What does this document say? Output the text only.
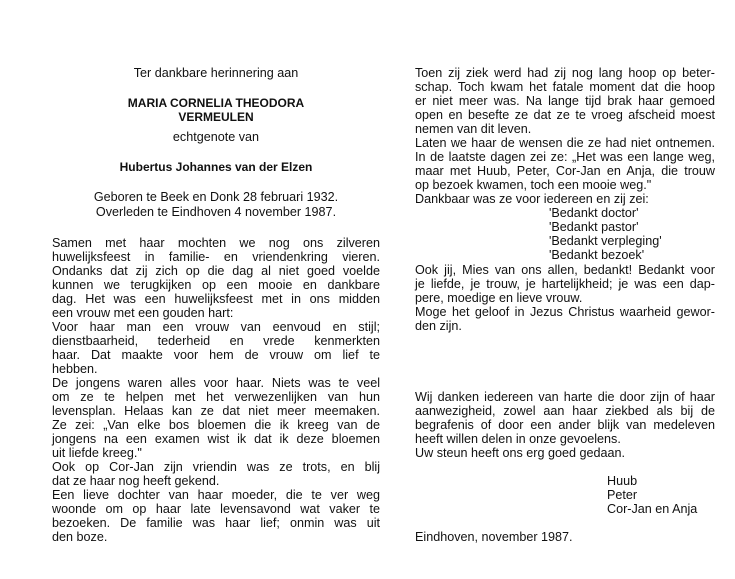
Ter dankbare herinnering aan
MARIA CORNELIA THEODORA
VERMEULEN
echtgenote van
Hubertus Johannes van der Elzen
Geboren te Beek en Donk 28 februari 1932.
Overleden te Eindhoven 4 november 1987.
Samen met haar mochten we nog ons zilveren
huwelijksfeest in familie- en vriendenkring vieren.
Ondanks dat zij zich op die dag al niet goed voelde
kunnen we terugkijken op een mooie en dankbare
dag. Het was een huwelijksfeest met in ons midden
een vrouw met een gouden hart:
Voor haar man een vrouw van eenvoud en stijl;
dienstbaarheid, tederheid en vrede kenmerkten
haar. Dat maakte voor hem de vrouw om lief te
hebben.
De jongens waren alles voor haar. Niets was te veel
om ze te helpen met het verwezenlijken van hun
levensplan. Helaas kan ze dat niet meer meemaken.
Ze zei: „Van elke bos bloemen die ik kreeg van de
jongens na een examen wist ik dat ik deze bloemen
uit liefde kreeg."
Ook op Cor-Jan zijn vriendin was ze trots, en blij
dat ze haar nog heeft gekend.
Een lieve dochter van haar moeder, die te ver weg
woonde om op haar late levensavond wat vaker te
bezoeken. De familie was haar lief; onmin was uit
den boze.
Toen zij ziek werd had zij nog lang hoop op beter-
schap. Toch kwam het fatale moment dat die hoop
er niet meer was. Na lange tijd brak haar gemoed
open en besefte ze dat ze te vroeg afscheid moest
nemen van dit leven.
Laten we haar de wensen die ze had niet ontnemen.
In de laatste dagen zei ze: „Het was een lange weg,
maar met Huub, Peter, Cor-Jan en Anja, die trouw
op bezoek kwamen, toch een mooie weg."
Dankbaar was ze voor iedereen en zij zei:
'Bedankt doctor'
'Bedankt pastor'
'Bedankt verpleging'
'Bedankt bezoek'
Ook jij, Mies van ons allen, bedankt! Bedankt voor
je liefde, je trouw, je hartelijkheid; je was een dap-
pere, moedige en lieve vrouw.
Moge het geloof in Jezus Christus waarheid gewor-
den zijn.
Wij danken iedereen van harte die door zijn of haar
aanwezigheid, zowel aan haar ziekbed als bij de
begrafenis of door een ander blijk van medeleven
heeft willen delen in onze gevoelens.
Uw steun heeft ons erg goed gedaan.
Huub
Peter
Cor-Jan en Anja
Eindhoven, november 1987.
